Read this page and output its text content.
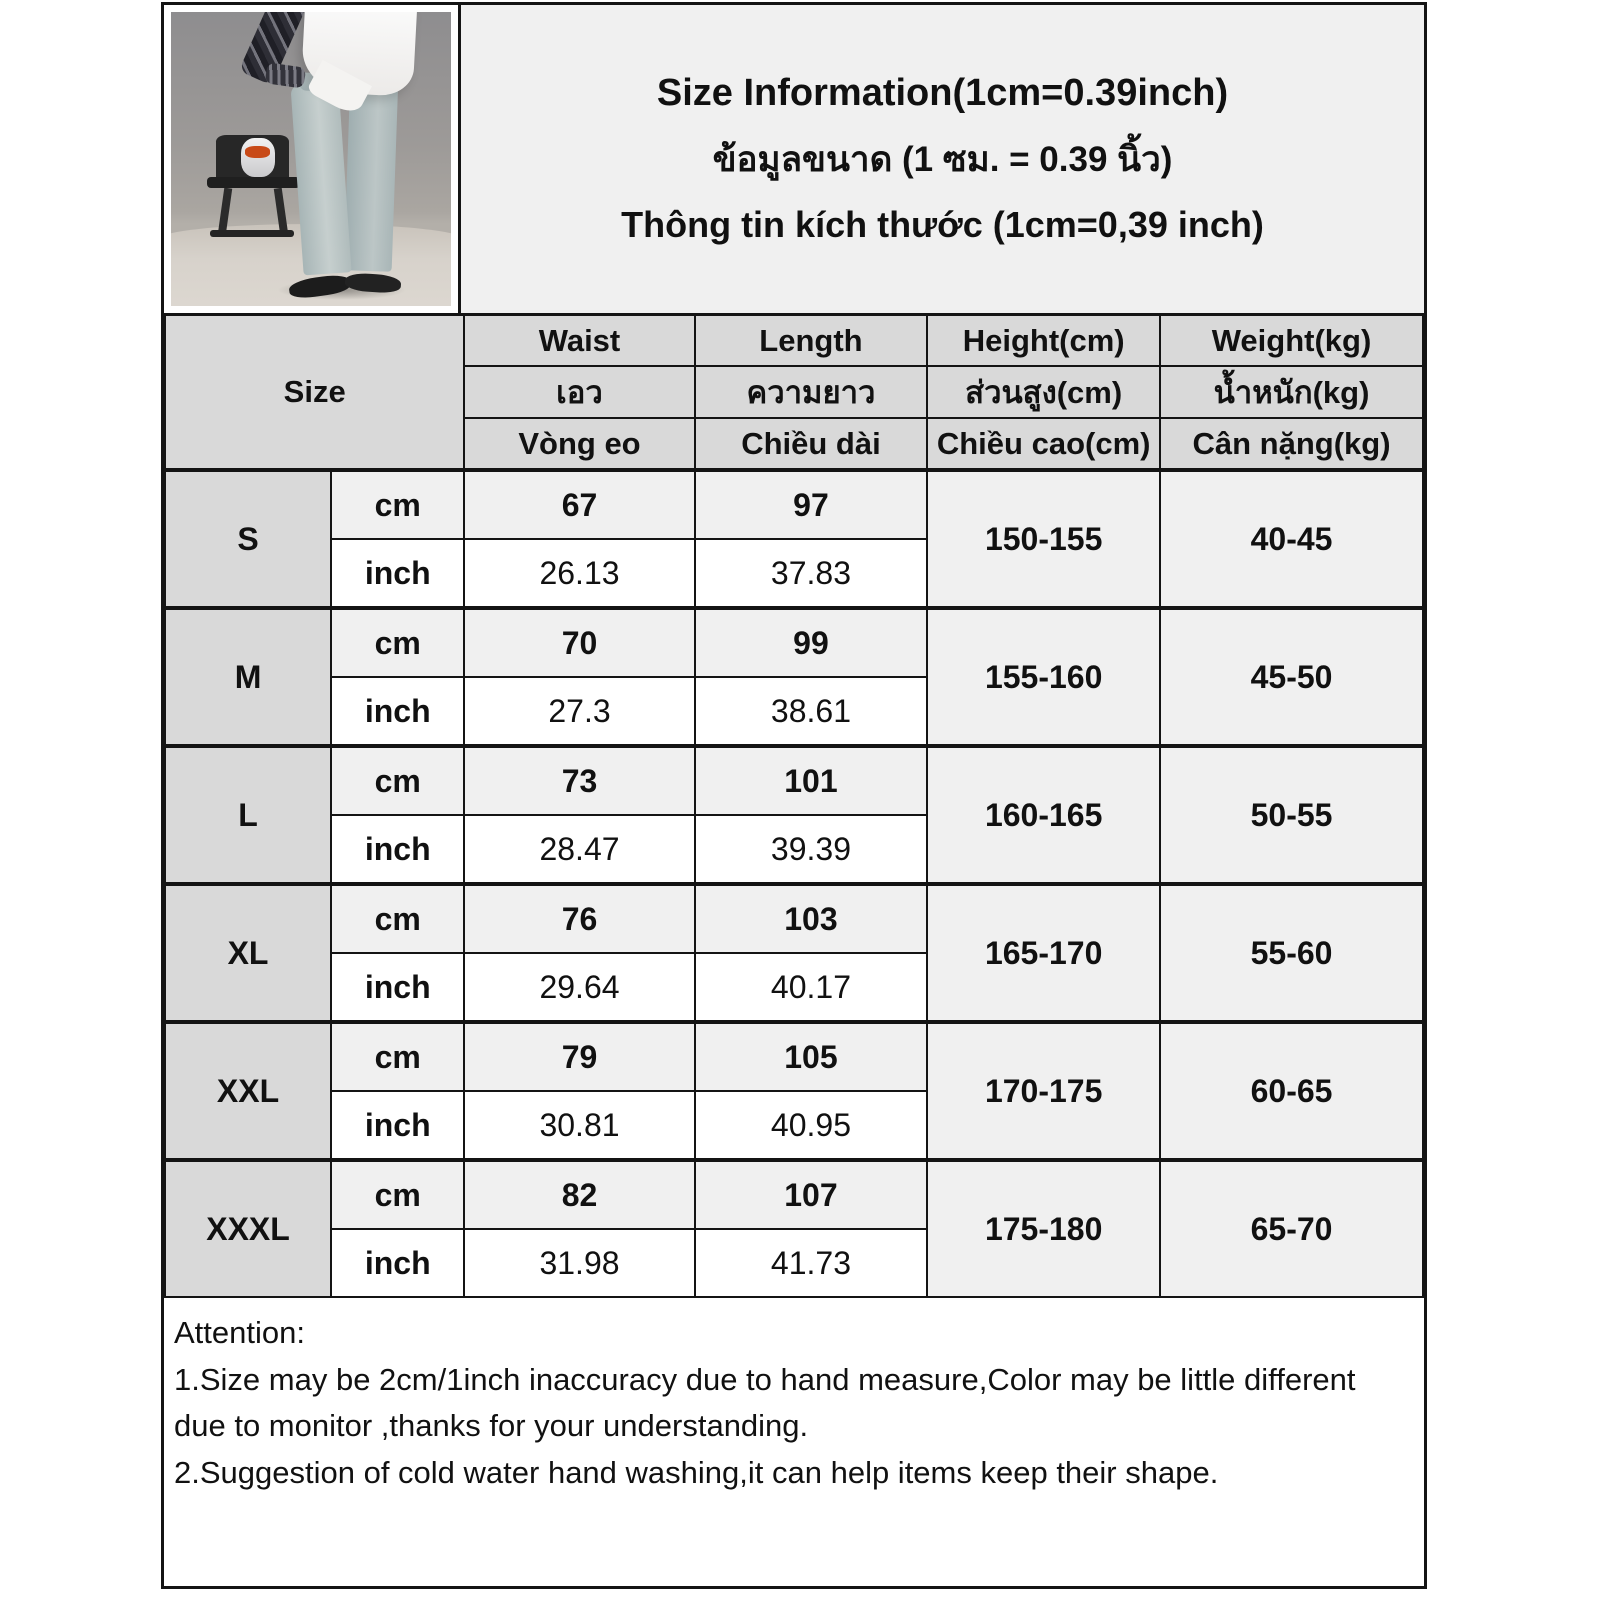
Size Information(1cm=0.39inch)
ข้อมูลขนาด (1 ซม. = 0.39 นิ้ว)
Thông tin kích thước (1cm=0,39 inch)
Size		Waist	Length	Height(cm)	Weight(kg)
		เอว	ความยาว	ส่วนสูง(cm)	น้ำหนัก(kg)
		Vòng eo	Chiều dài	Chiều cao(cm)	Cân nặng(kg)
S	cm	67	97	150-155	40-45
	inch	26.13	37.83		
M	cm	70	99	155-160	45-50
	inch	27.3	38.61		
L	cm	73	101	160-165	50-55
	inch	28.47	39.39		
XL	cm	76	103	165-170	55-60
	inch	29.64	40.17		
XXL	cm	79	105	170-175	60-65
	inch	30.81	40.95		
XXXL	cm	82	107	175-180	65-70
	inch	31.98	41.73		
Attention:
1.Size may be 2cm/1inch inaccuracy due to hand measure,Color may be little different due to monitor ,thanks for your understanding.
2.Suggestion of cold water hand washing,it can help items keep their shape.
